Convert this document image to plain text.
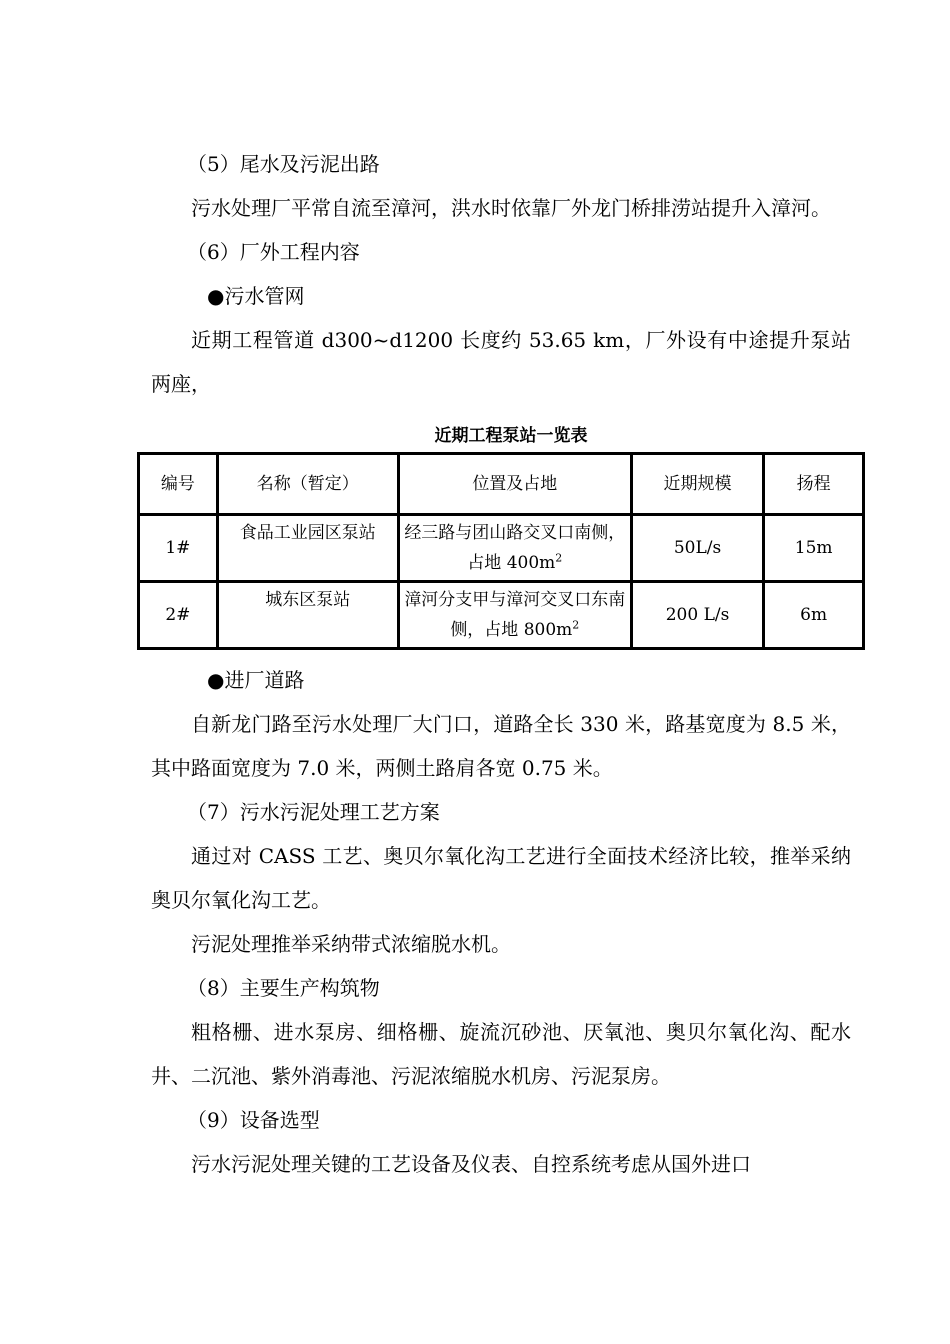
（5）尾水及污泥出路

污水处理厂平常自流至漳河，洪水时依靠厂外龙门桥排涝站提升入漳河。

（6）厂外工程内容

●污水管网

近期工程管道 d300~d1200 长度约 53.65 km，厂外设有中途提升泵站两座，

近期工程泵站一览表

编号	名称（暂定）	位置及占地	近期规模	扬程
1#	食品工业园区泵站	经三路与团山路交叉口南侧，占地 $400m^2$	50L/s	15m
2#	城东区泵站	漳河分支甲与漳河交叉口东南侧，占地 $800m^2$	200 L/s	6m

●进厂道路

自新龙门路至污水处理厂大门口，道路全长 330 米，路基宽度为 8.5 米，其中路面宽度为 7.0 米，两侧土路肩各宽 0.75 米。

（7）污水污泥处理工艺方案

通过对 CASS 工艺、奥贝尔氧化沟工艺进行全面技术经济比较，推举采纳奥贝尔氧化沟工艺。

污泥处理推举采纳带式浓缩脱水机。

（8）主要生产构筑物

粗格栅、进水泵房、细格栅、旋流沉砂池、厌氧池、奥贝尔氧化沟、配水井、二沉池、紫外消毒池、污泥浓缩脱水机房、污泥泵房。

（9）设备选型

污水污泥处理关键的工艺设备及仪表、自控系统考虑从国外进口
